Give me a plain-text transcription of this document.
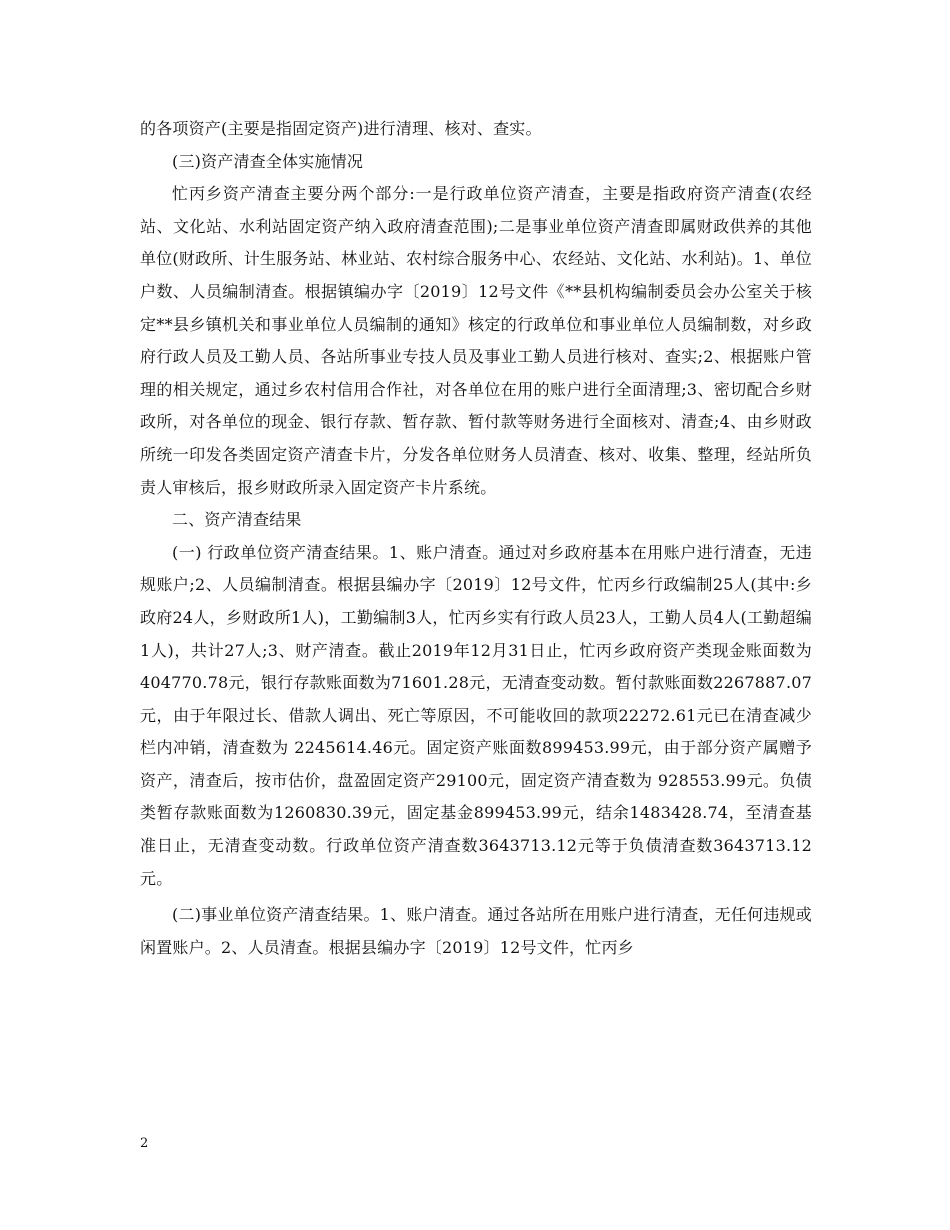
的各项资产(主要是指固定资产)进行清理、核对、查实。

(三)资产清查全体实施情况

忙丙乡资产清查主要分两个部分:一是行政单位资产清查，主要是指政府资产清查(农经站、文化站、水利站固定资产纳入政府清查范围);二是事业单位资产清查即属财政供养的其他单位(财政所、计生服务站、林业站、农村综合服务中心、农经站、文化站、水利站)。1、单位户数、人员编制清查。根据镇编办字〔2019〕12号文件《**县机构编制委员会办公室关于核定**县乡镇机关和事业单位人员编制的通知》核定的行政单位和事业单位人员编制数，对乡政府行政人员及工勤人员、各站所事业专技人员及事业工勤人员进行核对、查实;2、根据账户管理的相关规定，通过乡农村信用合作社，对各单位在用的账户进行全面清理;3、密切配合乡财政所，对各单位的现金、银行存款、暂存款、暂付款等财务进行全面核对、清查;4、由乡财政所统一印发各类固定资产清查卡片，分发各单位财务人员清查、核对、收集、整理，经站所负责人审核后，报乡财政所录入固定资产卡片系统。

二、资产清查结果

(一) 行政单位资产清查结果。1、账户清查。通过对乡政府基本在用账户进行清查，无违规账户;2、人员编制清查。根据县编办字〔2019〕12号文件，忙丙乡行政编制25人(其中:乡政府24人，乡财政所1人)，工勤编制3人，忙丙乡实有行政人员23人，工勤人员4人(工勤超编1人)，共计27人;3、财产清查。截止2019年12月31日止，忙丙乡政府资产类现金账面数为404770.78元，银行存款账面数为71601.28元，无清查变动数。暂付款账面数2267887.07元，由于年限过长、借款人调出、死亡等原因，不可能收回的款项22272.61元已在清查减少栏内冲销，清查数为 2245614.46元。固定资产账面数899453.99元，由于部分资产属赠予资产，清查后，按市估价，盘盈固定资产29100元，固定资产清查数为 928553.99元。负债类暂存款账面数为1260830.39元，固定基金899453.99元，结余1483428.74，至清查基准日止，无清查变动数。行政单位资产清查数3643713.12元等于负债清查数3643713.12元。

(二)事业单位资产清查结果。1、账户清查。通过各站所在用账户进行清查，无任何违规或闲置账户。2、人员清查。根据县编办字〔2019〕12号文件，忙丙乡

2
